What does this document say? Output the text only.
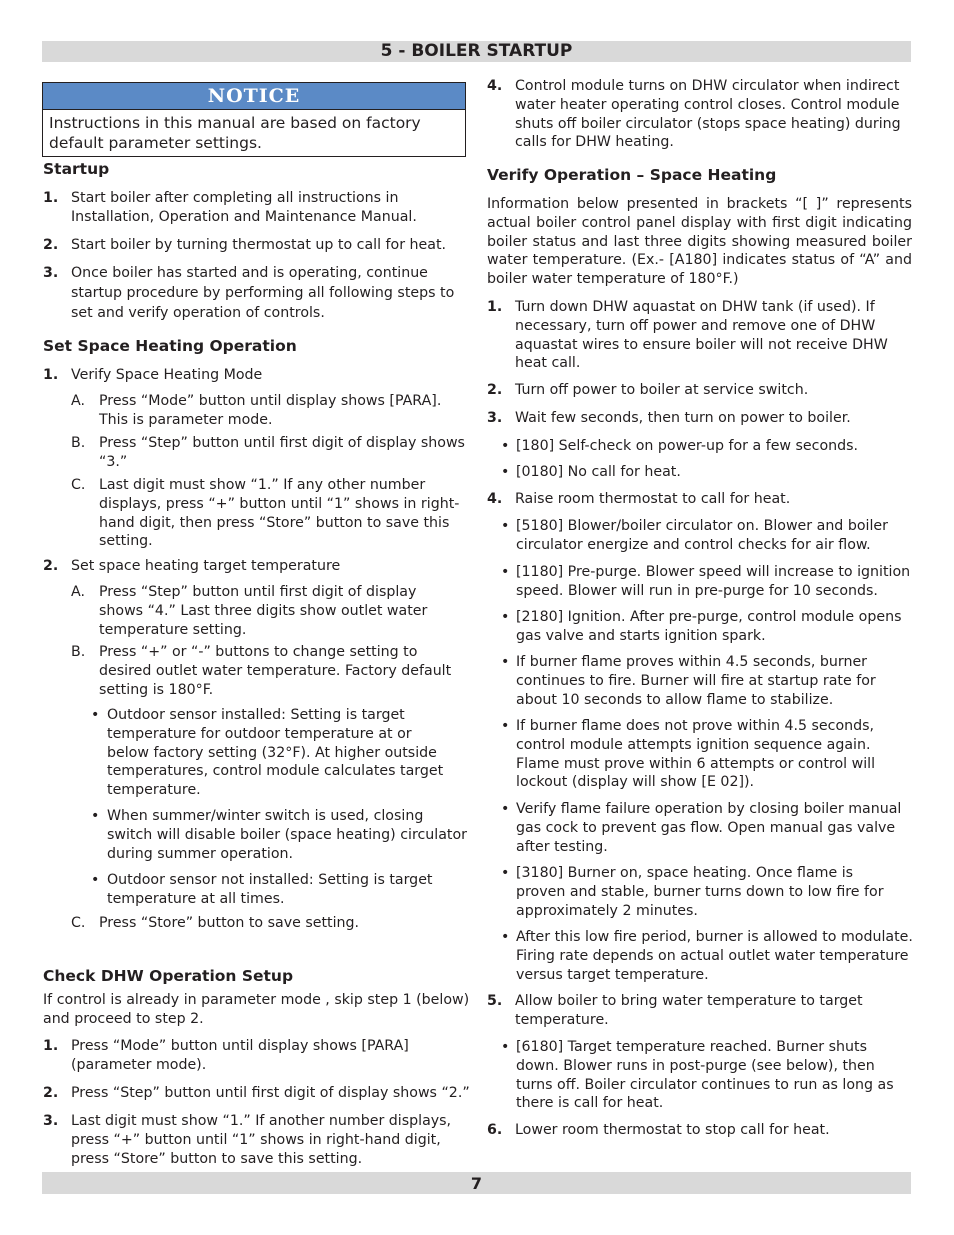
5 - BOILER STARTUP
NOTICE
Instructions in this manual are based on factory default parameter settings.
Startup
1. Start boiler after completing all instructions in Installation, Operation and Maintenance Manual.
2. Start boiler by turning thermostat up to call for heat.
3. Once boiler has started and is operating, continue startup procedure by performing all following steps to set and verify operation of controls.
Set Space Heating Operation
1. Verify Space Heating Mode
A. Press “Mode” button until display shows [PARA]. This is parameter mode.
B. Press “Step” button until first digit of display shows “3.”
C. Last digit must show “1.” If any other number displays, press “+” button until “1” shows in right-hand digit, then press “Store” button to save this setting.
2. Set space heating target temperature
A. Press “Step” button until first digit of display shows “4.” Last three digits show outlet water temperature setting.
B. Press “+” or “-” buttons to change setting to desired outlet water temperature. Factory default setting is 180°F.
• Outdoor sensor installed: Setting is target temperature for outdoor temperature at or below factory setting (32°F). At higher outside temperatures, control module calculates target temperature.
• When summer/winter switch is used, closing switch will disable boiler (space heating) circulator during summer operation.
• Outdoor sensor not installed: Setting is target temperature at all times.
C. Press “Store” button to save setting.
Check DHW Operation Setup
If control is already in parameter mode , skip step 1 (below) and proceed to step 2.
1. Press “Mode” button until display shows [PARA] (parameter mode).
2. Press “Step” button until first digit of display shows “2.”
3. Last digit must show “1.” If another number displays, press “+” button until “1” shows in right-hand digit, press “Store” button to save this setting.
4. Control module turns on DHW circulator when indirect water heater operating control closes. Control module shuts off boiler circulator (stops space heating) during calls for DHW heating.
Verify Operation – Space Heating
Information below presented in brackets “[ ]” represents actual boiler control panel display with first digit indicating boiler status and last three digits showing measured boiler water temperature. (Ex.- [A180] indicates status of “A” and boiler water temperature of 180°F.)
1. Turn down DHW aquastat on DHW tank (if used). If necessary, turn off power and remove one of DHW aquastat wires to ensure boiler will not receive DHW heat call.
2. Turn off power to boiler at service switch.
3. Wait few seconds, then turn on power to boiler.
• [180] Self-check on power-up for a few seconds.
• [0180] No call for heat.
4. Raise room thermostat to call for heat.
• [5180] Blower/boiler circulator on. Blower and boiler circulator energize and control checks for air flow.
• [1180] Pre-purge. Blower speed will increase to ignition speed. Blower will run in pre-purge for 10 seconds.
• [2180] Ignition. After pre-purge, control module opens gas valve and starts ignition spark.
• If burner flame proves within 4.5 seconds, burner continues to fire. Burner will fire at startup rate for about 10 seconds to allow flame to stabilize.
• If burner flame does not prove within 4.5 seconds, control module attempts ignition sequence again. Flame must prove within 6 attempts or control will lockout (display will show [E 02]).
• Verify flame failure operation by closing boiler manual gas cock to prevent gas flow. Open manual gas valve after testing.
• [3180] Burner on, space heating. Once flame is proven and stable, burner turns down to low fire for approximately 2 minutes.
• After this low fire period, burner is allowed to modulate. Firing rate depends on actual outlet water temperature versus target temperature.
5. Allow boiler to bring water temperature to target temperature.
• [6180] Target temperature reached. Burner shuts down. Blower runs in post-purge (see below), then turns off. Boiler circulator continues to run as long as there is call for heat.
6. Lower room thermostat to stop call for heat.
7
